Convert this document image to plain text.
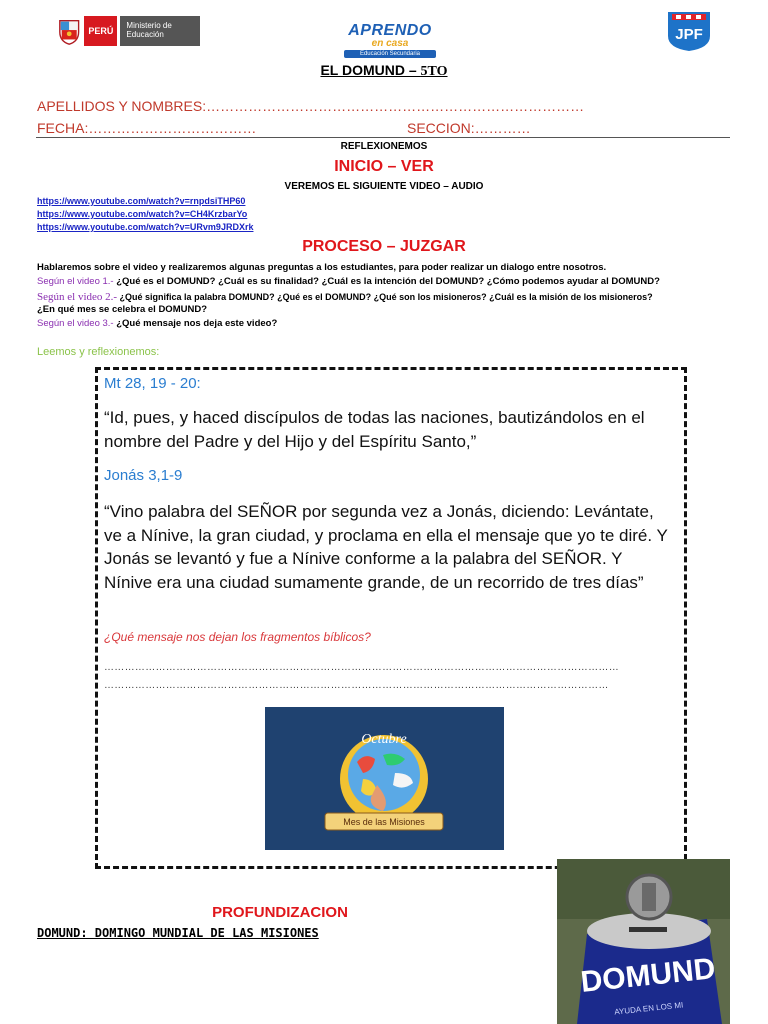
PERÚ
Ministerio de Educación	APRENDO
en casa
Educación Secundaria
JPF
EL DOMUND – 5TO
APELLIDOS Y NOMBRES:………………………………………………………………………
FECHA:………………………………	SECCION:…………
REFLEXIONEMOS
INICIO – VER
VEREMOS EL SIGUIENTE VIDEO – AUDIO
https://www.youtube.com/watch?v=rnpdsiTHP60
https://www.youtube.com/watch?v=CH4KrzbarYo
https://www.youtube.com/watch?v=URvm9JRDXrk
PROCESO – JUZGAR
Hablaremos sobre el video y realizaremos algunas preguntas a los estudiantes, para poder realizar un dialogo entre nosotros.
Según el video 1.- ¿Qué es el DOMUND? ¿Cuál es su finalidad? ¿Cuál es la intención del DOMUND? ¿Cómo podemos ayudar al DOMUND?
Según el video 2.- ¿Qué significa la palabra DOMUND? ¿Qué es el DOMUND? ¿Qué son los misioneros? ¿Cuál es la misión de los misioneros?
¿En qué mes se celebra el DOMUND?
Según el video 3.- ¿Qué mensaje nos deja este video?
Leemos y reflexionemos:
Mt 28, 19 - 20:
“Id, pues, y haced discípulos de todas las naciones, bautizándolos en el nombre del Padre y del Hijo y del Espíritu Santo,”
Jonás 3,1-9
“Vino palabra del SEÑOR por segunda vez a Jonás, diciendo: Levántate, ve a Nínive, la gran ciudad, y proclama en ella el mensaje que yo te diré. Y Jonás se levantó y fue a Nínive conforme a la palabra del SEÑOR. Y Nínive era una ciudad sumamente grande, de un recorrido de tres días”
¿Qué mensaje nos dejan los fragmentos bíblicos?
……………………………………………………………………………………………………………………………………
…………………………………………………………………………………………………………………………………
Octubre
Mes de las Misiones
PROFUNDIZACION
DOMUND: DOMINGO MUNDIAL DE LAS MISIONES
DOMUND
AYUDA EN LOS MI
